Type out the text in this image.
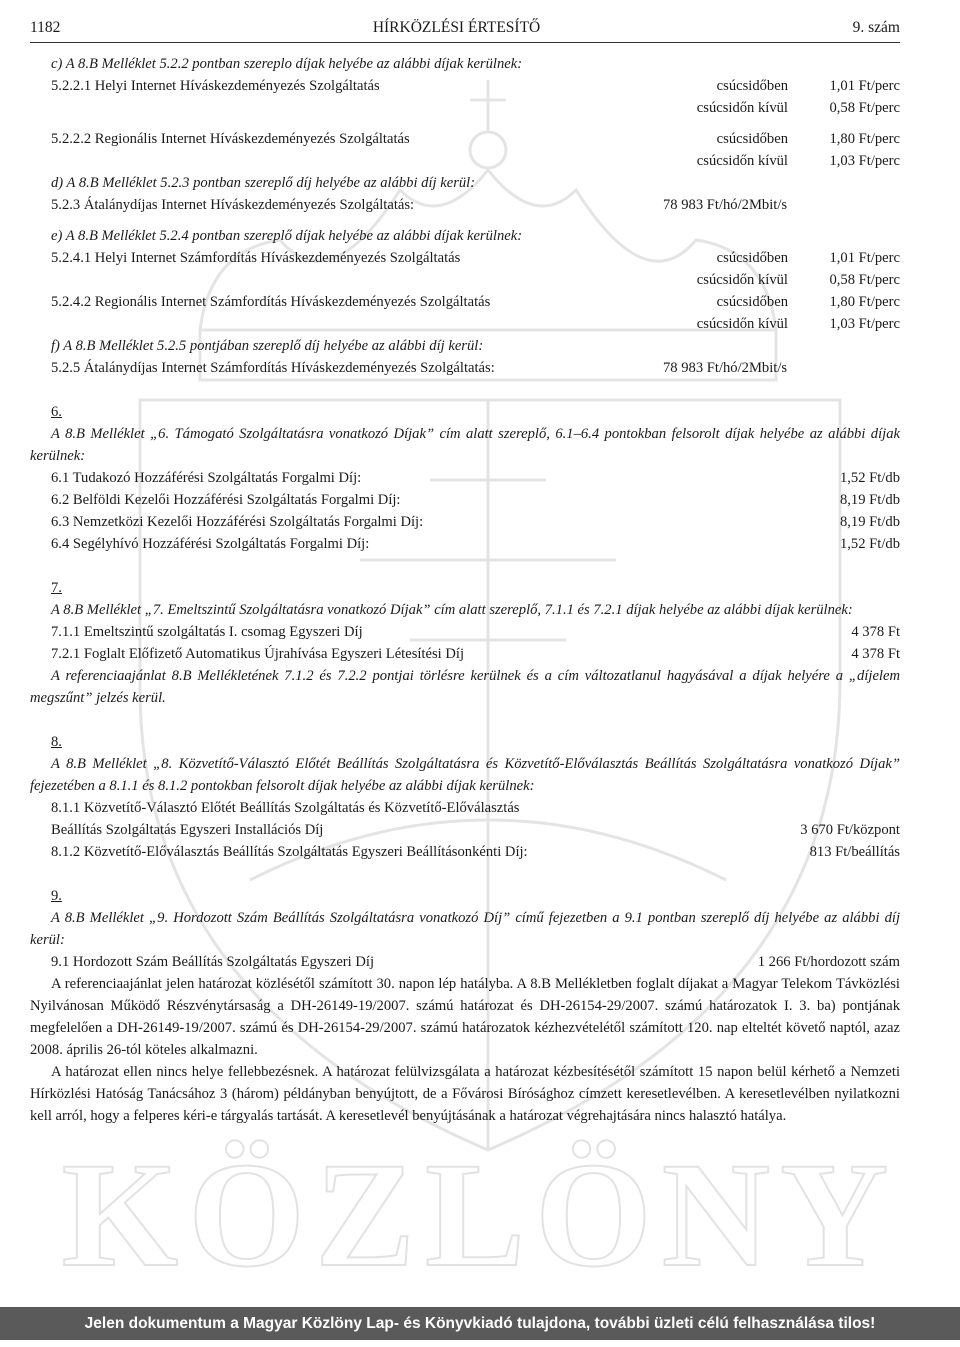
KÖZLÖNY
1182	HÍRKÖZLÉSI ÉRTESÍTŐ	9. szám
c) A 8.B Melléklet 5.2.2 pontban szereplo díjak helyébe az alábbi díjak kerülnek:
5.2.2.1 Helyi Internet Híváskezdeményezés Szolgáltatás	csúcsidőben	1,01 Ft/perc
csúcsidőn kívül	0,58 Ft/perc
5.2.2.2 Regionális Internet Híváskezdeményezés Szolgáltatás	csúcsidőben	1,80 Ft/perc
csúcsidőn kívül	1,03 Ft/perc
d) A 8.B Melléklet 5.2.3 pontban szereplő díj helyébe az alábbi díj kerül:
5.2.3 Átalánydíjas Internet Híváskezdeményezés Szolgáltatás:	78 983 Ft/hó/2Mbit/s
e) A 8.B Melléklet 5.2.4 pontban szereplő díjak helyébe az alábbi díjak kerülnek:
5.2.4.1 Helyi Internet Számfordítás Híváskezdeményezés Szolgáltatás	csúcsidőben	1,01 Ft/perc
csúcsidőn kívül	0,58 Ft/perc
5.2.4.2 Regionális Internet Számfordítás Híváskezdeményezés Szolgáltatás	csúcsidőben	1,80 Ft/perc
csúcsidőn kívül	1,03 Ft/perc
f) A 8.B Melléklet 5.2.5 pontjában szereplő díj helyébe az alábbi díj kerül:
5.2.5 Átalánydíjas Internet Számfordítás Híváskezdeményezés Szolgáltatás:	78 983 Ft/hó/2Mbit/s
6.
A 8.B Melléklet „6. Támogató Szolgáltatásra vonatkozó Díjak” cím alatt szereplő, 6.1–6.4 pontokban felsorolt díjak helyébe az alábbi díjak kerülnek:
6.1 Tudakozó Hozzáférési Szolgáltatás Forgalmi Díj:	1,52 Ft/db
6.2 Belföldi Kezelői Hozzáférési Szolgáltatás Forgalmi Díj:	8,19 Ft/db
6.3 Nemzetközi Kezelői Hozzáférési Szolgáltatás Forgalmi Díj:	8,19 Ft/db
6.4 Segélyhívó Hozzáférési Szolgáltatás Forgalmi Díj:	1,52 Ft/db
7.
A 8.B Melléklet „7. Emeltszintű Szolgáltatásra vonatkozó Díjak” cím alatt szereplő, 7.1.1 és 7.2.1 díjak helyébe az alábbi díjak kerülnek:
7.1.1 Emeltszintű szolgáltatás I. csomag Egyszeri Díj	4 378 Ft
7.2.1 Foglalt Előfizető Automatikus Újrahívása Egyszeri Létesítési Díj	4 378 Ft
A referenciaajánlat 8.B Mellékletének 7.1.2 és 7.2.2 pontjai törlésre kerülnek és a cím változatlanul hagyásával a díjak helyére a „díjelem megszűnt” jelzés kerül.
8.
A 8.B Melléklet „8. Közvetítő-Választó Előtét Beállítás Szolgáltatásra és Közvetítő-Előválasztás Beállítás Szolgáltatásra vonatkozó Díjak” fejezetében a 8.1.1 és 8.1.2 pontokban felsorolt díjak helyébe az alábbi díjak kerülnek:
8.1.1 Közvetítő-Választó Előtét Beállítás Szolgáltatás és Közvetítő-Előválasztás
Beállítás Szolgáltatás Egyszeri Installációs Díj	3 670 Ft/központ
8.1.2 Közvetítő-Előválasztás Beállítás Szolgáltatás Egyszeri Beállításonkénti Díj:	813 Ft/beállítás
9.
A 8.B Melléklet „9. Hordozott Szám Beállítás Szolgáltatásra vonatkozó Díj” című fejezetben a 9.1 pontban szereplő díj helyébe az alábbi díj kerül:
9.1 Hordozott Szám Beállítás Szolgáltatás Egyszeri Díj	1 266 Ft/hordozott szám
A referenciaajánlat jelen határozat közlésétől számított 30. napon lép hatályba. A 8.B Mellékletben foglalt díjakat a Magyar Telekom Távközlési Nyilvánosan Működő Részvénytársaság a DH-26149-19/2007. számú határozat és DH-26154-29/2007. számú határozatok I. 3. ba) pontjának megfelelően a DH-26149-19/2007. számú és DH-26154-29/2007. számú határozatok kézhezvételétől számított 120. nap elteltét követő naptól, azaz 2008. április 26-tól köteles alkalmazni.
A határozat ellen nincs helye fellebbezésnek. A határozat felülvizsgálata a határozat kézbesítésétől számított 15 napon belül kérhető a Nemzeti Hírközlési Hatóság Tanácsához 3 (három) példányban benyújtott, de a Fővárosi Bírósághoz címzett keresetlevélben. A keresetlevélben nyilatkozni kell arról, hogy a felperes kéri-e tárgyalás tartását. A keresetlevél benyújtásának a határozat végrehajtására nincs halasztó hatálya.
Jelen dokumentum a Magyar Közlöny Lap- és Könyvkiadó tulajdona, további üzleti célú felhasználása tilos!
